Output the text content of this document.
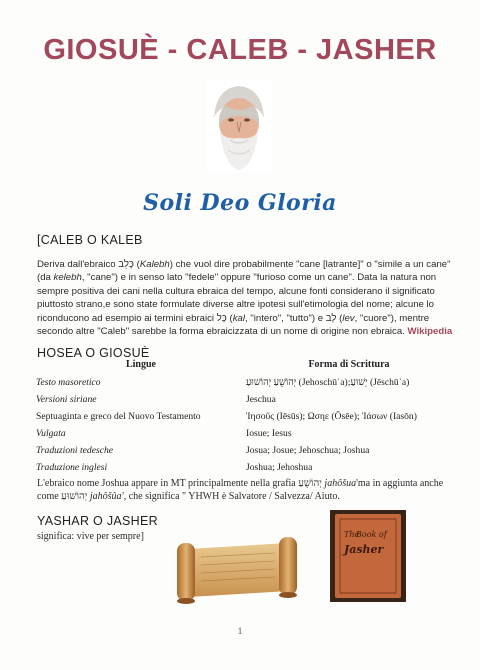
GIOSUÈ - CALEB - JASHER
Soli Deo Gloria
[CALEB O KALEB
Deriva dall'ebraico כָּלֵב (Kalebh) che vuol dire probabilmente "cane [latrante]" o "simile a un cane" (da kelebh, "cane") e in senso lato "fedele" oppure "furioso come un cane". Data la natura non sempre positiva dei cani nella cultura ebraica del tempo, alcune fonti considerano il significato piuttosto strano,e sono state formulate diverse altre ipotesi sull'etimologia del nome; alcune lo riconducono ad esempio ai termini ebraici כָּל (kal, "intero", "tutto") e לֵב (lev, "cuore"), mentre secondo altre "Caleb" sarebbe la forma ebraicizzata di un nome di origine non ebraica. Wikipedia
HOSEA O GIOSUÈ
Lingue	Forma di Scrittura
Testo masoretico	יְהוֹשֻׁעַ יְהוֹשׁוּעַ (Jehoschūʿa);יֵשׁוּעַ (Jēschūʿa)
Versioni siriane	Jeschua
Septuaginta e greco del Nuovo Testamento	Ἰησοῦς (Iēsūs); Ωσηε (Ōsēe); Ἰάσων (Iasōn)
Vulgata	Iosue; Iesus
Traduzioni tedesche	Josua; Josue; Jehoschua; Joshua
Traduzione inglesi	Joshua; Jehoshua
L'ebraico nome Joshua appare in MT principalmente nella grafia יְהוֹשֻׁעַ jahôšua'ma in aggiunta anche come יְהוֹשׁוּעַ jahôšûa', che significa " YHWH è Salvatore / Salvezza/ Aiuto.
YASHAR O JASHER
significa: vive per sempre]	The
Book of
Jasher
1
